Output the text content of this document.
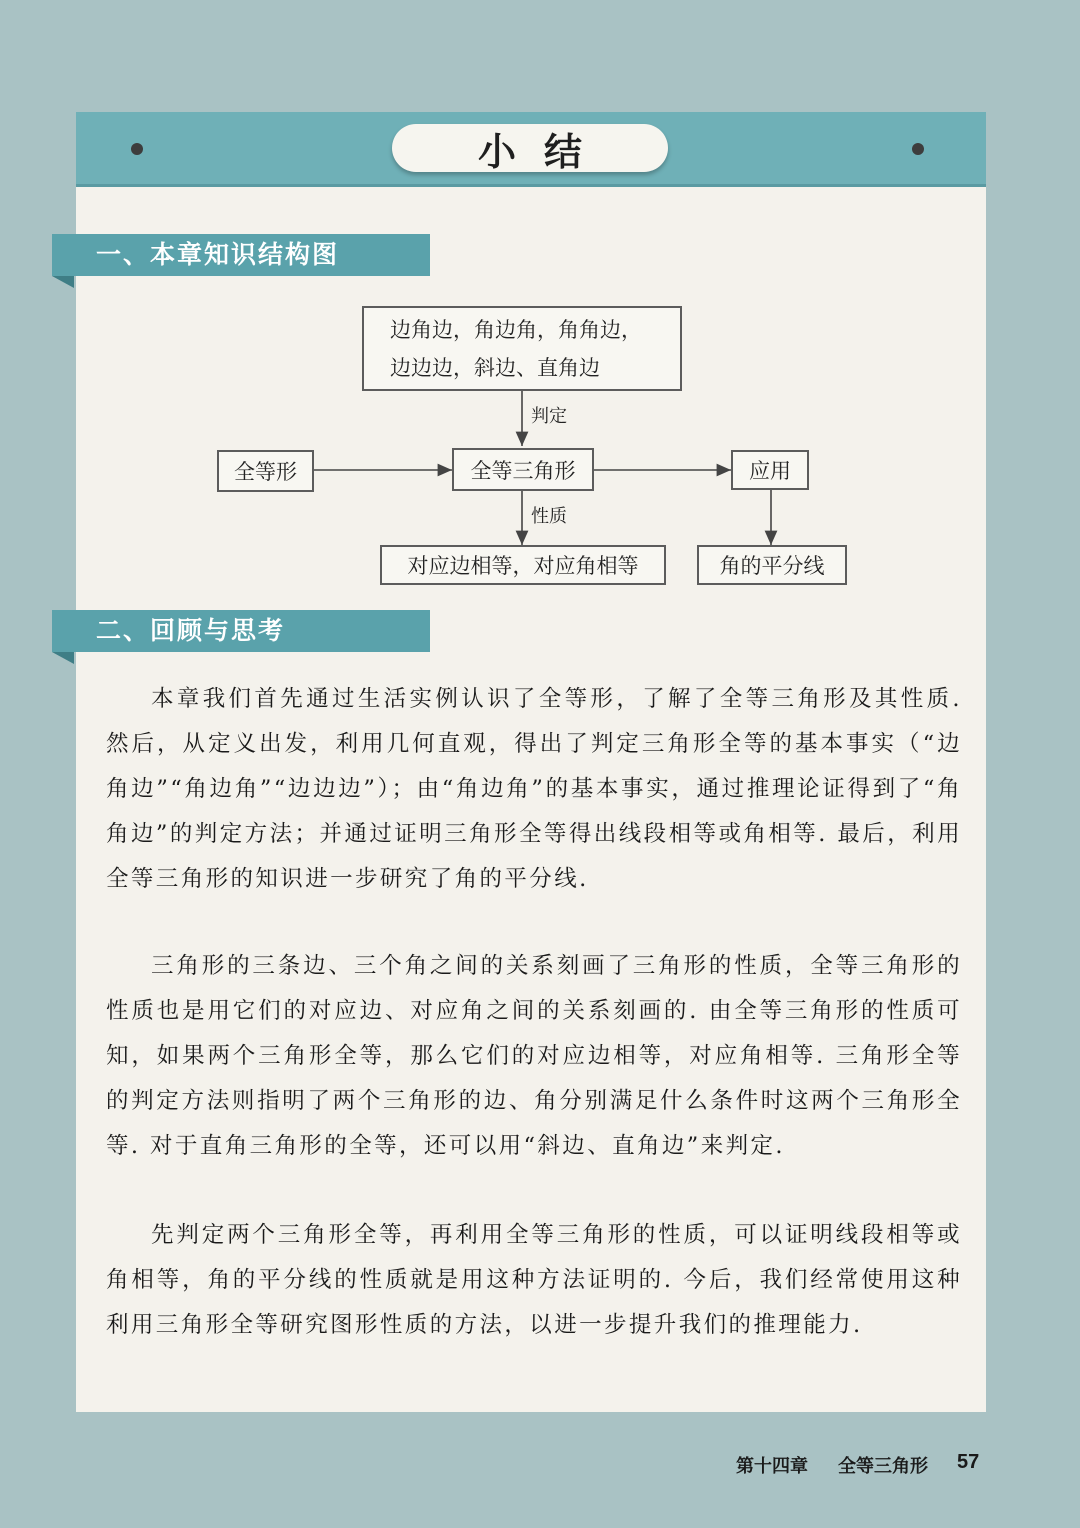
小结
一、本章知识结构图
边角边，角边角，角角边，
边边边，斜边、直角边
判定
全等形	全等三角形	应用
性质
对应边相等，对应角相等	角的平分线
二、回顾与思考

本章我们首先通过生活实例认识了全等形，了解了全等三角形及其性质. 然后，从定义出发，利用几何直观，得出了判定三角形全等的基本事实（“边角边”“角边角”“边边边”）；由“角边角”的基本事实，通过推理论证得到了“角角边”的判定方法；并通过证明三角形全等得出线段相等或角相等. 最后，利用全等三角形的知识进一步研究了角的平分线.

三角形的三条边、三个角之间的关系刻画了三角形的性质，全等三角形的性质也是用它们的对应边、对应角之间的关系刻画的. 由全等三角形的性质可知，如果两个三角形全等，那么它们的对应边相等，对应角相等. 三角形全等的判定方法则指明了两个三角形的边、角分别满足什么条件时这两个三角形全等. 对于直角三角形的全等，还可以用“斜边、直角边”来判定.

先判定两个三角形全等，再利用全等三角形的性质，可以证明线段相等或角相等，角的平分线的性质就是用这种方法证明的. 今后，我们经常使用这种利用三角形全等研究图形性质的方法，以进一步提升我们的推理能力.

第十四章 全等三角形 57
